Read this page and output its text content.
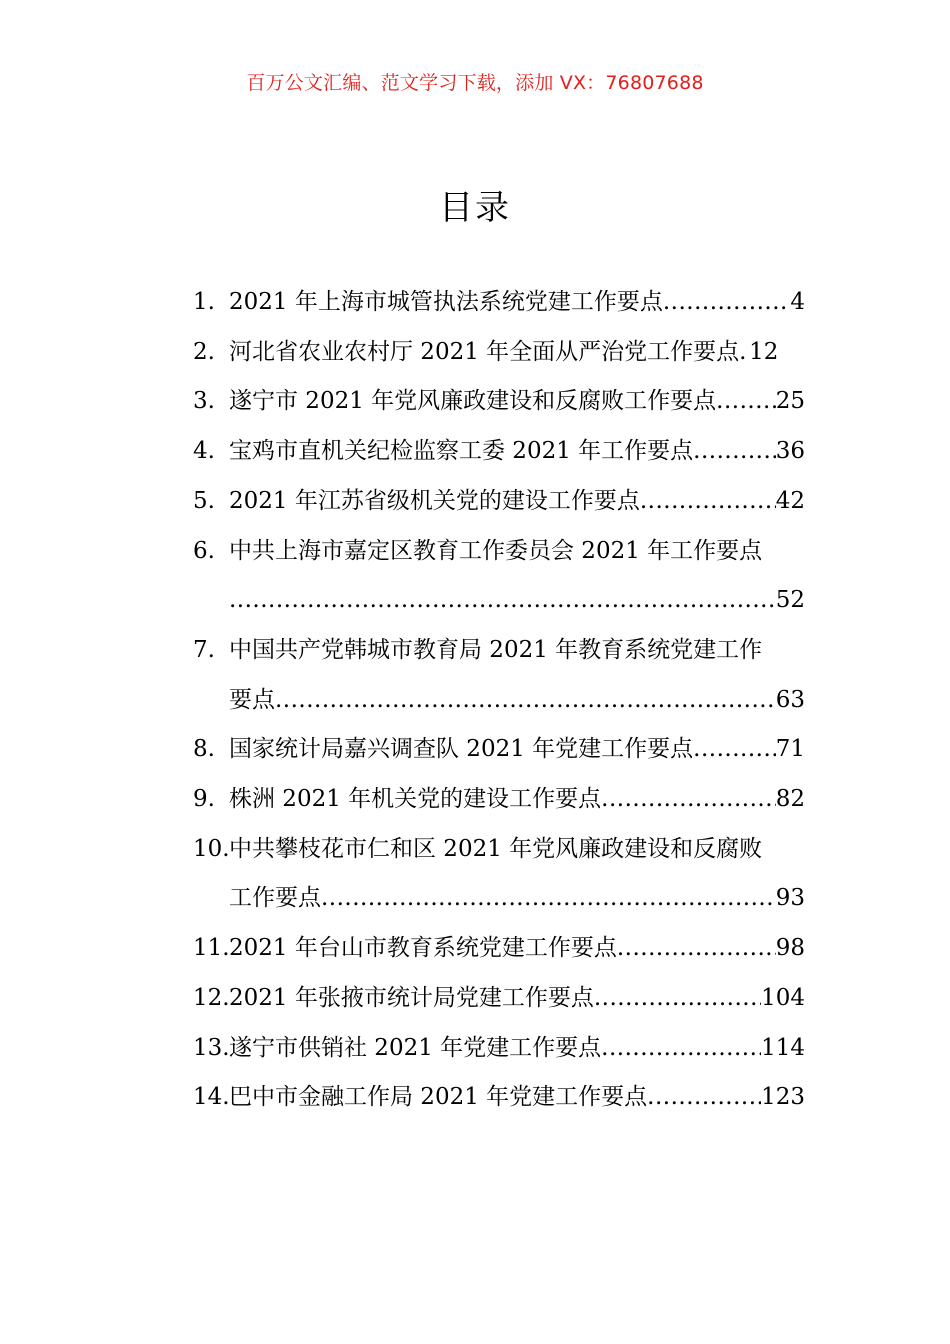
百万公文汇编、范文学习下载，添加 VX：76807688
目录
1. 2021 年上海市城管执法系统党建工作要点 .....	4
2. 河北省农业农村厅 2021 年全面从严治党工作要点 ..... 12
3. 遂宁市 2021 年党风廉政建设和反腐败工作要点 .....	25
4. 宝鸡市直机关纪检监察工委 2021 年工作要点 .....	36
5. 2021 年江苏省级机关党的建设工作要点 .....	42
6. 中共上海市嘉定区教育工作委员会 2021 年工作要点
.....
52
7. 中国共产党韩城市教育局 2021 年教育系统党建工作
要点 .....	63
8. 国家统计局嘉兴调查队 2021 年党建工作要点 .....	71
9. 株洲 2021 年机关党的建设工作要点 .....	82
10. 中共攀枝花市仁和区 2021 年党风廉政建设和反腐败
工作要点 .....	93
11. 2021 年台山市教育系统党建工作要点 .....	98
12. 2021 年张掖市统计局党建工作要点 .....	104
13. 遂宁市供销社 2021 年党建工作要点 .....	114
14. 巴中市金融工作局 2021 年党建工作要点 .....	123
